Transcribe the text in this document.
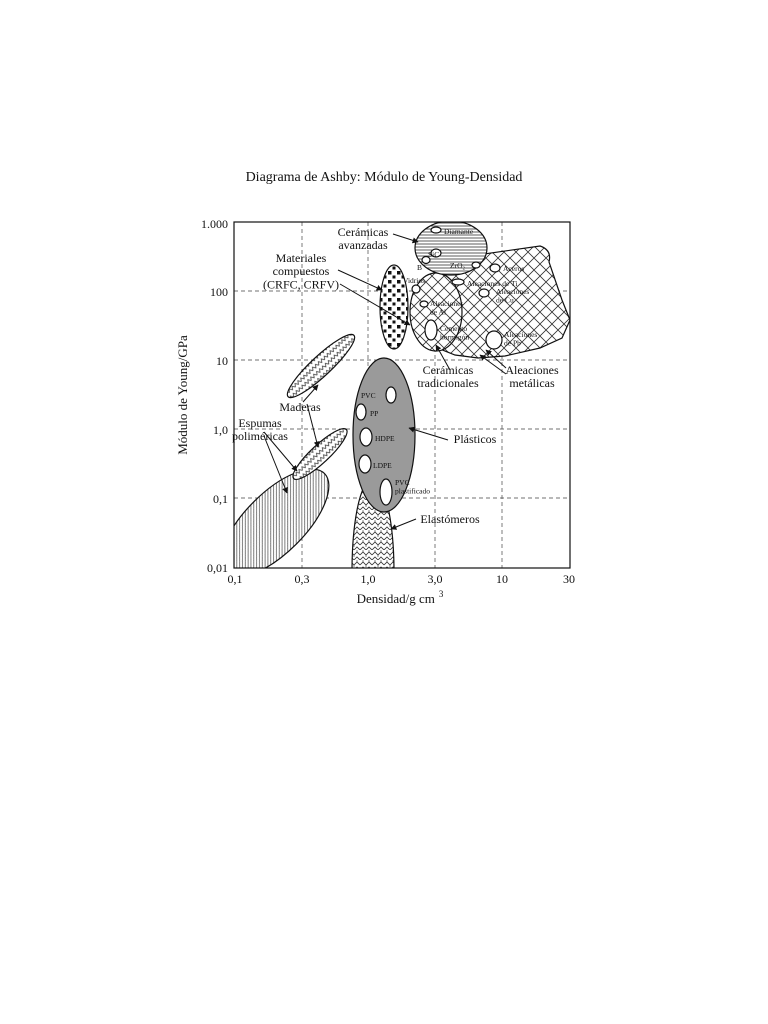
Diagrama de Ashby: Módulo de Young-Densidad
0,01
0,1
1,0
10
100
1.000
0,1	0,3	1,0	3,0	10	30
Densidad/g cm $^3$
Módulo de Young/GPa
Cerámicas avanzadas
Materiales compuestos (CRFC, CRFV)
Maderas
Espumas poliméricas	Plásticos
Elastómeros
Cerámicas tradicionales
Aleaciones metálicas
Diamante
SiC
B	ZrO₂	Aceros
Vidrios	Aleaciones de Ti
Aleaciones de Cu
Aleaciones de Al
Cemento hormigón	Aleaciones de Pb
PVC
PP
HDPE
LDPE
PVC plastificado
